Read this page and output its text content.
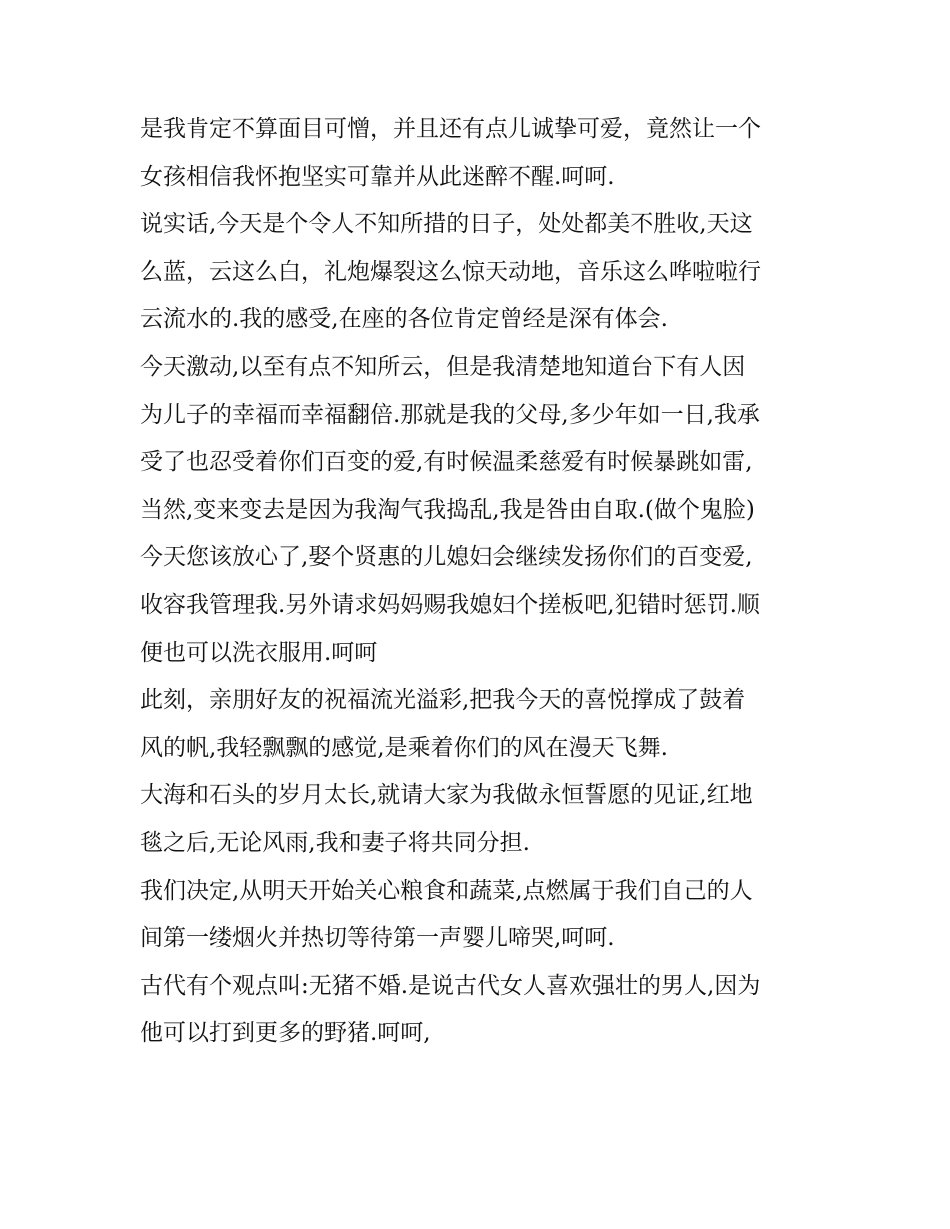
是我肯定不算面目可憎，并且还有点儿诚挚可爱，竟然让一个
女孩相信我怀抱坚实可靠并从此迷醉不醒.呵呵.

说实话,今天是个令人不知所措的日子，处处都美不胜收,天这
么蓝，云这么白，礼炮爆裂这么惊天动地，音乐这么哗啦啦行
云流水的.我的感受,在座的各位肯定曾经是深有体会.

今天激动,以至有点不知所云，但是我清楚地知道台下有人因
为儿子的幸福而幸福翻倍.那就是我的父母,多少年如一日,我承
受了也忍受着你们百变的爱,有时候温柔慈爱有时候暴跳如雷,
当然,变来变去是因为我淘气我捣乱,我是咎由自取.(做个鬼脸)
今天您该放心了,娶个贤惠的儿媳妇会继续发扬你们的百变爱,
收容我管理我.另外请求妈妈赐我媳妇个搓板吧,犯错时惩罚.顺
便也可以洗衣服用.呵呵

此刻，亲朋好友的祝福流光溢彩,把我今天的喜悦撑成了鼓着
风的帆,我轻飘飘的感觉,是乘着你们的风在漫天飞舞.

大海和石头的岁月太长,就请大家为我做永恒誓愿的见证,红地
毯之后,无论风雨,我和妻子将共同分担.

我们决定,从明天开始关心粮食和蔬菜,点燃属于我们自己的人
间第一缕烟火并热切等待第一声婴儿啼哭,呵呵.

古代有个观点叫:无猪不婚.是说古代女人喜欢强壮的男人,因为
他可以打到更多的野猪.呵呵,
